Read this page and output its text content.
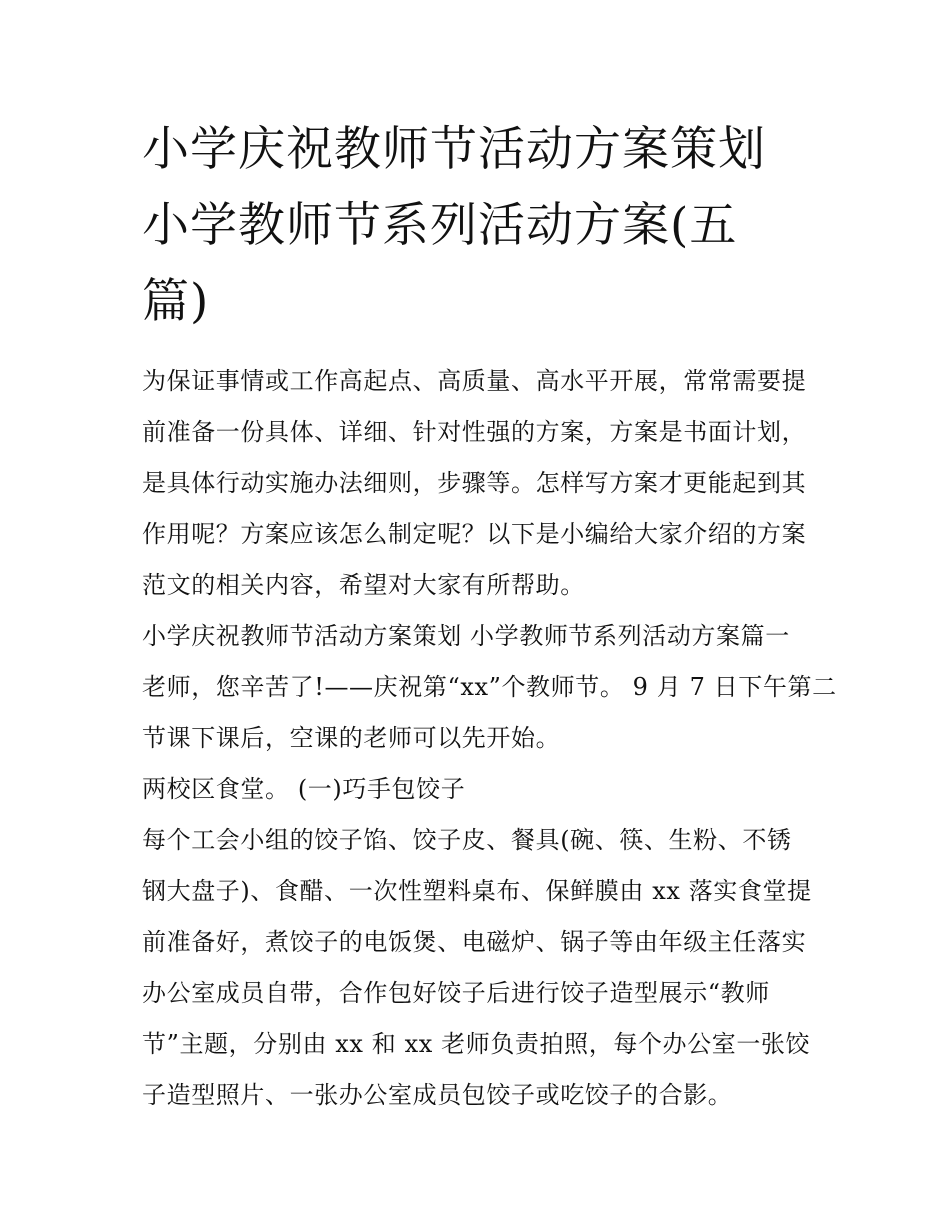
小学庆祝教师节活动方案策划
小学教师节系列活动方案(五
篇)
为保证事情或工作高起点、高质量、高水平开展，常常需要提
前准备一份具体、详细、针对性强的方案，方案是书面计划，
是具体行动实施办法细则，步骤等。怎样写方案才更能起到其
作用呢？方案应该怎么制定呢？以下是小编给大家介绍的方案
范文的相关内容，希望对大家有所帮助。
小学庆祝教师节活动方案策划 小学教师节系列活动方案篇一
老师，您辛苦了!——庆祝第“xx”个教师节。 9 月 7 日下午第二
节课下课后，空课的老师可以先开始。
两校区食堂。 (一)巧手包饺子
每个工会小组的饺子馅、饺子皮、餐具(碗、筷、生粉、不锈
钢大盘子)、食醋、一次性塑料桌布、保鲜膜由 xx 落实食堂提
前准备好，煮饺子的电饭煲、电磁炉、锅子等由年级主任落实
办公室成员自带，合作包好饺子后进行饺子造型展示“教师
节”主题，分别由 xx 和 xx 老师负责拍照，每个办公室一张饺
子造型照片、一张办公室成员包饺子或吃饺子的合影。
